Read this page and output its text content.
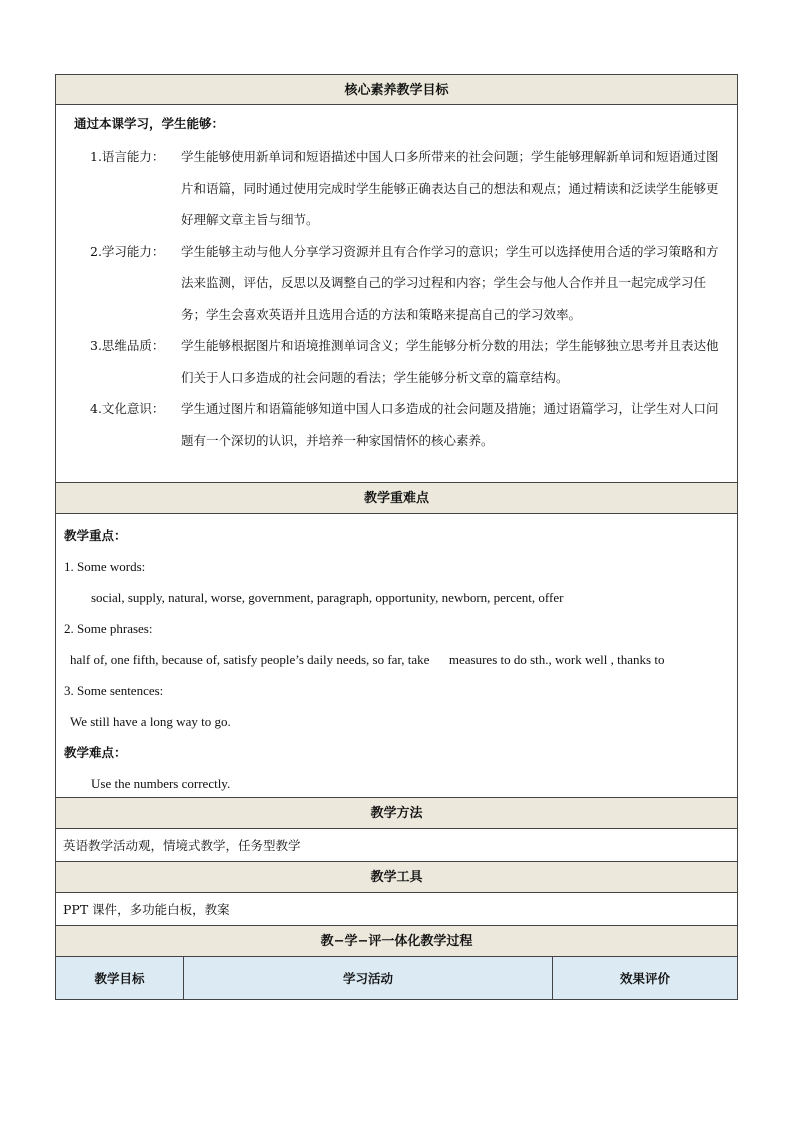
核心素养教学目标
通过本课学习，学生能够：
1.语言能力：	学生能够使用新单词和短语描述中国人口多所带来的社会问题；学生能够理解新单词和短语通过图片和语篇，同时通过使用完成时学生能够正确表达自己的想法和观点；通过精读和泛读学生能够更好理解文章主旨与细节。
2.学习能力：	学生能够主动与他人分享学习资源并且有合作学习的意识；学生可以选择使用合适的学习策略和方法来监测，评估，反思以及调整自己的学习过程和内容；学生会与他人合作并且一起完成学习任务；学生会喜欢英语并且选用合适的方法和策略来提高自己的学习效率。
3.思维品质：	学生能够根据图片和语境推测单词含义；学生能够分析分数的用法；学生能够独立思考并且表达他们关于人口多造成的社会问题的看法；学生能够分析文章的篇章结构。
4.文化意识：	学生通过图片和语篇能够知道中国人口多造成的社会问题及措施；通过语篇学习，让学生对人口问题有一个深切的认识，并培养一种家国情怀的核心素养。
教学重难点
教学重点：
1. Some words:
social, supply, natural, worse, government, paragraph, opportunity, newborn, percent, offer
2. Some phrases:
half of, one fifth, because of, satisfy people’s daily needs, so far, take      measures to do sth., work well , thanks to
3. Some sentences:
We still have a long way to go.
教学难点：
Use the numbers correctly.
教学方法
英语教学活动观，情境式教学，任务型教学
教学工具
PPT 课件，多功能白板，教案
教−学−评一体化教学过程
教学目标	学习活动	效果评价
